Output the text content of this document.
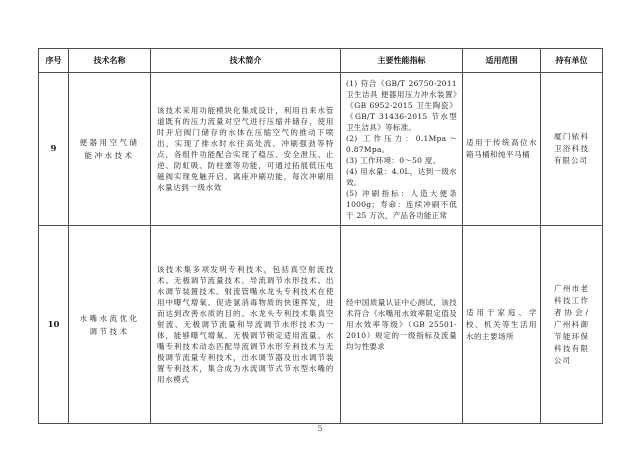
序号	技术名称	技术简介	主要性能指标	适用范围	持有单位
9	便器用空气储能冲水技术	该技术采用功能模块化集成设计，利用自来水管道既有的压力流量对空气进行压缩并储存，使用时开启阀门储存的水体在压缩空气的推动下喷出，实现了排水时水往高处流、冲刷强劲等特点，各组件功能配合实现了稳压、安全泄压、止逆、防虹吸、防柱塞等功能，可通过拓展低压电磁阀实现免触开启、离座冲刷功能，每次冲刷用水量达到一级水效	(1) 符合《GB/T 26750-2011 卫生洁具 便器用压力冲水装置》《GB 6952-2015 卫生陶瓷》《GB/T 31436-2015 节水型卫生洁具》等标准。

(2) 工作压力：0.1Mpa～0.87Mpa。

(3) 工作环境：0～50 度。

(4) 用水量：4.0L，达到一级水效。

(5) 冲刷指标：人造大便条 1000g；寿命：连续冲刷不低于 25 万次，产品各功能正常	适用于传统高位水箱马桶和纯平马桶	厦门铱科卫浴科技有限公司
10	水嘴水流优化调节技术	该技术集多项发明专利技术，包括真空射流技术、无极调节流量技术、导流调节水形技术、出水调节装置技术。射流管嘴水龙头专利技术在使用中曝气增氧、促进氯消毒物质的快速挥发，进而达到改善水质的目的。水龙头专利技术集真空射流、无极调节流量和导流调节水形技术为一体，能够曝气增氧、无极调节锁定适用流量。水嘴专利技术动态匹配导流调节水形专利技术与无极调节流量专利技术，出水调节器及出水调节装置专利技术，集合成为水流调节式节水型水嘴的用水模式	经中国质量认证中心测试，该技术符合《水嘴用水效率限定值及用水效率等级》（GB 25501-2010）规定的一级指标及流量均匀性要求	适用于家庭、学校、机关等生活用水的主要场所	广州市老科技工作者协会/广州科御节能环保科技有限公司
5
